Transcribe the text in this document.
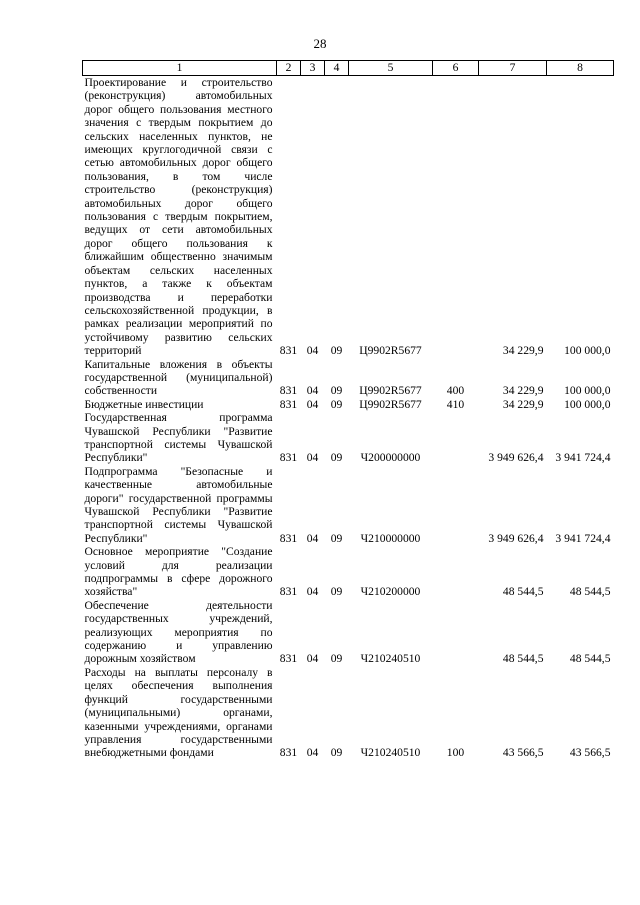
28
1	2	3	4	5	6	7	8
Проектирование и строительство (реконструкция) автомобильных дорог общего пользования местного значения с твердым покрытием до сельских населенных пунктов, не имеющих круглогодичной связи с сетью автомобильных дорог общего пользования, в том числе строительство (реконструкция) автомобильных дорог общего пользования с твердым покрытием, ведущих от сети автомобильных дорог общего пользования к ближайшим общественно значимым объектам сельских населенных пунктов, а также к объектам производства и переработки сельскохозяйственной продукции, в рамках реализации мероприятий по устойчивому развитию сельских территорий	831	04	09	Ц9902R5677		34 229,9	100 000,0
Капитальные вложения в объекты государственной (муниципальной) собственности	831	04	09	Ц9902R5677	400	34 229,9	100 000,0
Бюджетные инвестиции	831	04	09	Ц9902R5677	410	34 229,9	100 000,0
Государственная программа Чувашской Республики "Развитие транспортной системы Чувашской Республики"	831	04	09	Ч200000000		3 949 626,4	3 941 724,4
Подпрограмма "Безопасные и качественные автомобильные дороги" государственной программы Чувашской Республики "Развитие транспортной системы Чувашской Республики"	831	04	09	Ч210000000		3 949 626,4	3 941 724,4
Основное мероприятие "Создание условий для реализации подпрограммы в сфере дорожного хозяйства"	831	04	09	Ч210200000		48 544,5	48 544,5
Обеспечение деятельности государственных учреждений, реализующих мероприятия по содержанию и управлению дорожным хозяйством	831	04	09	Ч210240510		48 544,5	48 544,5
Расходы на выплаты персоналу в целях обеспечения выполнения функций государственными (муниципальными) органами, казенными учреждениями, органами управления государственными внебюджетными фондами	831	04	09	Ч210240510	100	43 566,5	43 566,5
